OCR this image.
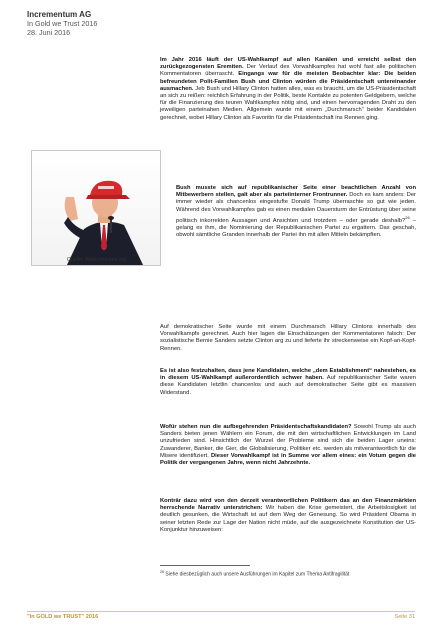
Incrementum AG
In Gold we Trust 2016
28. Juni 2016
Quelle: Wikicommons.org
Im Jahr 2016 läuft der US-Wahlkampf auf allen Kanälen und erreicht selbst den zurückgezogensten Eremiten. Der Verlauf des Vorwahlkampfes hat wohl fast alle politischen Kommentatoren überrascht. Eingangs war für die meisten Beobachter klar: Die beiden befreundeten Polit-Familien Bush und Clinton würden die Präsidentschaft untereinander ausmachen. Jeb Bush und Hillary Clinton hatten alles, was es braucht, um die US-Präsidentschaft an sich zu reißen: reichlich Erfahrung in der Politik, beste Kontakte zu potenten Geldgebern, welche für die Finanzierung des teuren Wahlkampfes nötig sind, und einen hervorragenden Draht zu den jeweiligen parteinahen Medien. Allgemein wurde mit einem „Durchmarsch“ beider Kandidaten gerechnet, wobei Hillary Clinton als Favoritin für die Präsidentschaft ins Rennen ging.
Bush musste sich auf republikanischer Seite einer beachtlichen Anzahl von Mitbewerbern stellen, galt aber als parteiinterner Frontrunner. Doch es kam anders: Der immer wieder als chancenlos eingestufte Donald Trump überraschte so gut wie jeden. Während des Vorwahlkampfes gab es einen medialen Dauersturm der Entrüstung über seine politisch inkorrekten Aussagen und Ansichten und trotzdem – oder gerade deshalb?$^{26}$ – gelang es ihm, die Nominierung der Republikanischen Partei zu ergattern. Das geschah, obwohl sämtliche Granden innerhalb der Partei ihn mit allen Mitteln bekämpften.
Auf demokratischer Seite wurde mit einem Durchmarsch Hillary Clintons innerhalb des Vorwahlkampfs gerechnet. Auch hier lagen die Einschätzungen der Kommentatoren falsch: Der sozialistische Bernie Sanders setzte Clinton arg zu und lieferte ihr streckenweise ein Kopf-an-Kopf-Rennen.
Es ist also festzuhalten, dass jene Kandidaten, welche „dem Establishment“ nahestehen, es in diesem US-Wahlkampf außerordentlich schwer haben. Auf republikanischer Seite waren diese Kandidaten letztlin chancenlos und auch auf demokratischer Seite gibt es massiven Widerstand.
Wofür stehen nun die aufbegehrenden Präsidentschaftskandidaten? Sowohl Trump als auch Sanders bieten jenen Wählern ein Forum, die mit den wirtschaftlichen Entwicklungen im Land unzufrieden sind. Hinsichtlich der Wurzel der Probleme sind sich die beiden Lager uneins: Zuwanderer, Banker, die Gier, die Globalisierung, Politiker etc. werden als mitverantwortlich für die Misere identifiziert. Dieser Vorwahlkampf ist in Summe vor allem eines: ein Votum gegen die Politik der vergangenen Jahre, wenn nicht Jahrzehnte.
Konträr dazu wird von den derzeit verantwortlichen Politikern das an den Finanzmärkten herrschende Narrativ unterstrichen: Wir haben die Krise gemeistert, die Arbeitslosigkeit ist deutlich gesunken, die Wirtschaft ist auf dem Weg der Genesung. So wird Präsident Obama in seiner letzten Rede zur Lage der Nation nicht müde, auf die ausgezeichnete Konstitution der US-Konjunktur hinzuweisen:
$^{26}$ Siehe diesbezüglich auch unsere Ausführungen im Kapitel zum Thema Antifragilität
"In GOLD we TRUST" 2016	Seite 31
